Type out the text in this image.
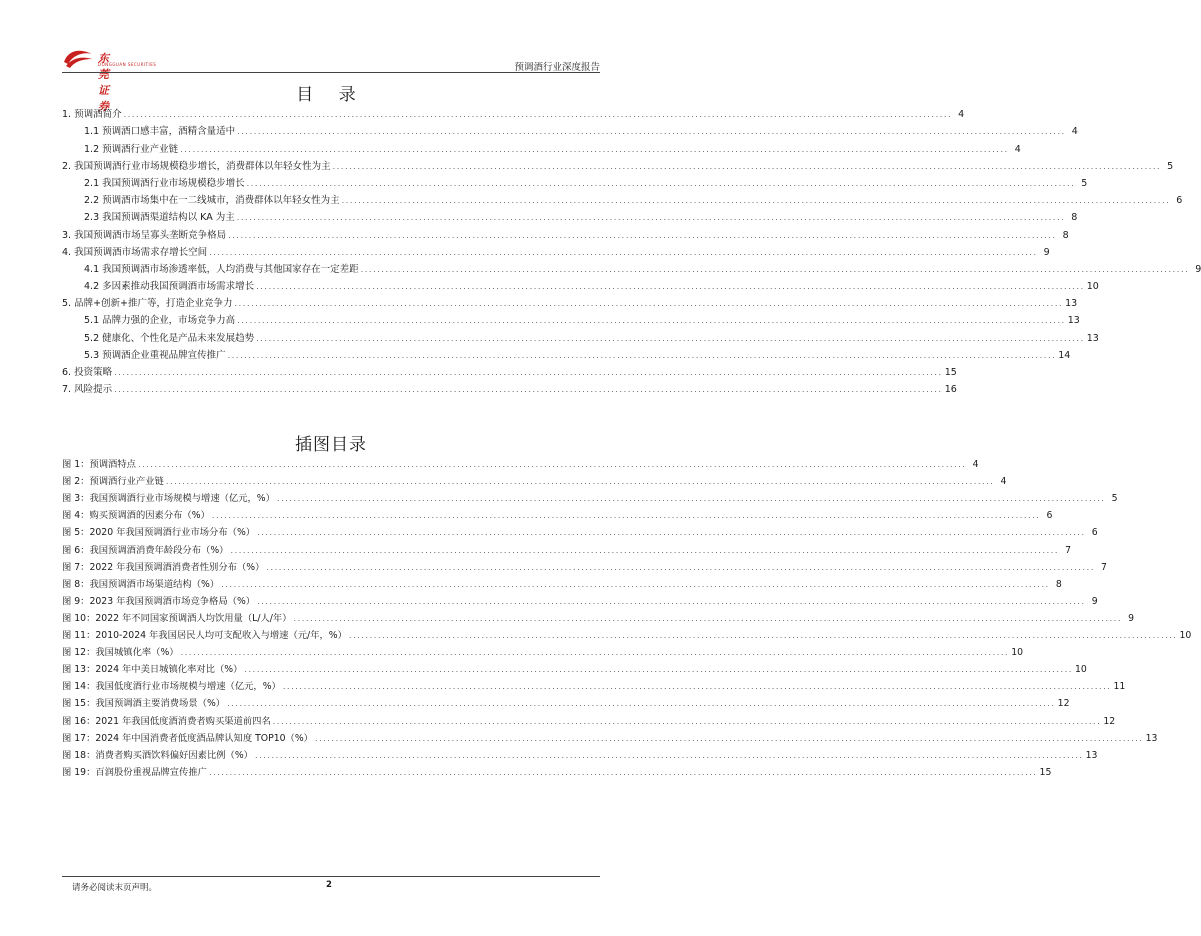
东莞证券
DONGGUAN SECURITIES	预调酒行业深度报告
目 录
1. 预调酒简介 ........................................................................................................................................................................................................ 4
1.1 预调酒口感丰富，酒精含量适中 ........................................................................................................................................................................................................ 4
1.2 预调酒行业产业链 ........................................................................................................................................................................................................ 4
2. 我国预调酒行业市场规模稳步增长，消费群体以年轻女性为主 ........................................................................................................................................................................................................ 5
2.1 我国预调酒行业市场规模稳步增长 ........................................................................................................................................................................................................ 5
2.2 预调酒市场集中在一二线城市，消费群体以年轻女性为主 ........................................................................................................................................................................................................ 6
2.3 我国预调酒渠道结构以 KA 为主 ........................................................................................................................................................................................................ 8
3. 我国预调酒市场呈寡头垄断竞争格局 ........................................................................................................................................................................................................ 8
4. 我国预调酒市场需求存增长空间 ........................................................................................................................................................................................................ 9
4.1 我国预调酒市场渗透率低，人均消费与其他国家存在一定差距 ........................................................................................................................................................................................................ 9
4.2 多因素推动我国预调酒市场需求增长 ........................................................................................................................................................................................................ 10
5. 品牌+创新+推广等，打造企业竞争力 ........................................................................................................................................................................................................ 13
5.1 品牌力强的企业，市场竞争力高 ........................................................................................................................................................................................................ 13
5.2 健康化、个性化是产品未来发展趋势 ........................................................................................................................................................................................................ 13
5.3 预调酒企业重视品牌宣传推广 ........................................................................................................................................................................................................ 14
6. 投资策略 ........................................................................................................................................................................................................ 15
7. 风险提示 ........................................................................................................................................................................................................ 16
插图目录
图 1：预调酒特点 ........................................................................................................................................................................................................ 4
图 2：预调酒行业产业链 ........................................................................................................................................................................................................ 4
图 3：我国预调酒行业市场规模与增速（亿元，%） ........................................................................................................................................................................................................ 5
图 4：购买预调酒的因素分布（%） ........................................................................................................................................................................................................ 6
图 5：2020 年我国预调酒行业市场分布（%） ........................................................................................................................................................................................................ 6
图 6：我国预调酒消费年龄段分布（%） ........................................................................................................................................................................................................ 7
图 7：2022 年我国预调酒消费者性别分布（%） ........................................................................................................................................................................................................ 7
图 8：我国预调酒市场渠道结构（%） ........................................................................................................................................................................................................ 8
图 9：2023 年我国预调酒市场竞争格局（%） ........................................................................................................................................................................................................ 9
图 10：2022 年不同国家预调酒人均饮用量（L/人/年） ........................................................................................................................................................................................................ 9
图 11：2010-2024 年我国居民人均可支配收入与增速（元/年，%） ........................................................................................................................................................................................................ 10
图 12：我国城镇化率（%） ........................................................................................................................................................................................................ 10
图 13：2024 年中美日城镇化率对比（%） ........................................................................................................................................................................................................ 10
图 14：我国低度酒行业市场规模与增速（亿元，%） ........................................................................................................................................................................................................ 11
图 15：我国预调酒主要消费场景（%） ........................................................................................................................................................................................................ 12
图 16：2021 年我国低度酒消费者购买渠道前四名 ........................................................................................................................................................................................................ 12
图 17：2024 年中国消费者低度酒品牌认知度 TOP10（%） ........................................................................................................................................................................................................ 13
图 18：消费者购买酒饮料偏好因素比例（%） ........................................................................................................................................................................................................ 13
图 19：百润股份重视品牌宣传推广 ........................................................................................................................................................................................................ 15
请务必阅读末页声明。	2
